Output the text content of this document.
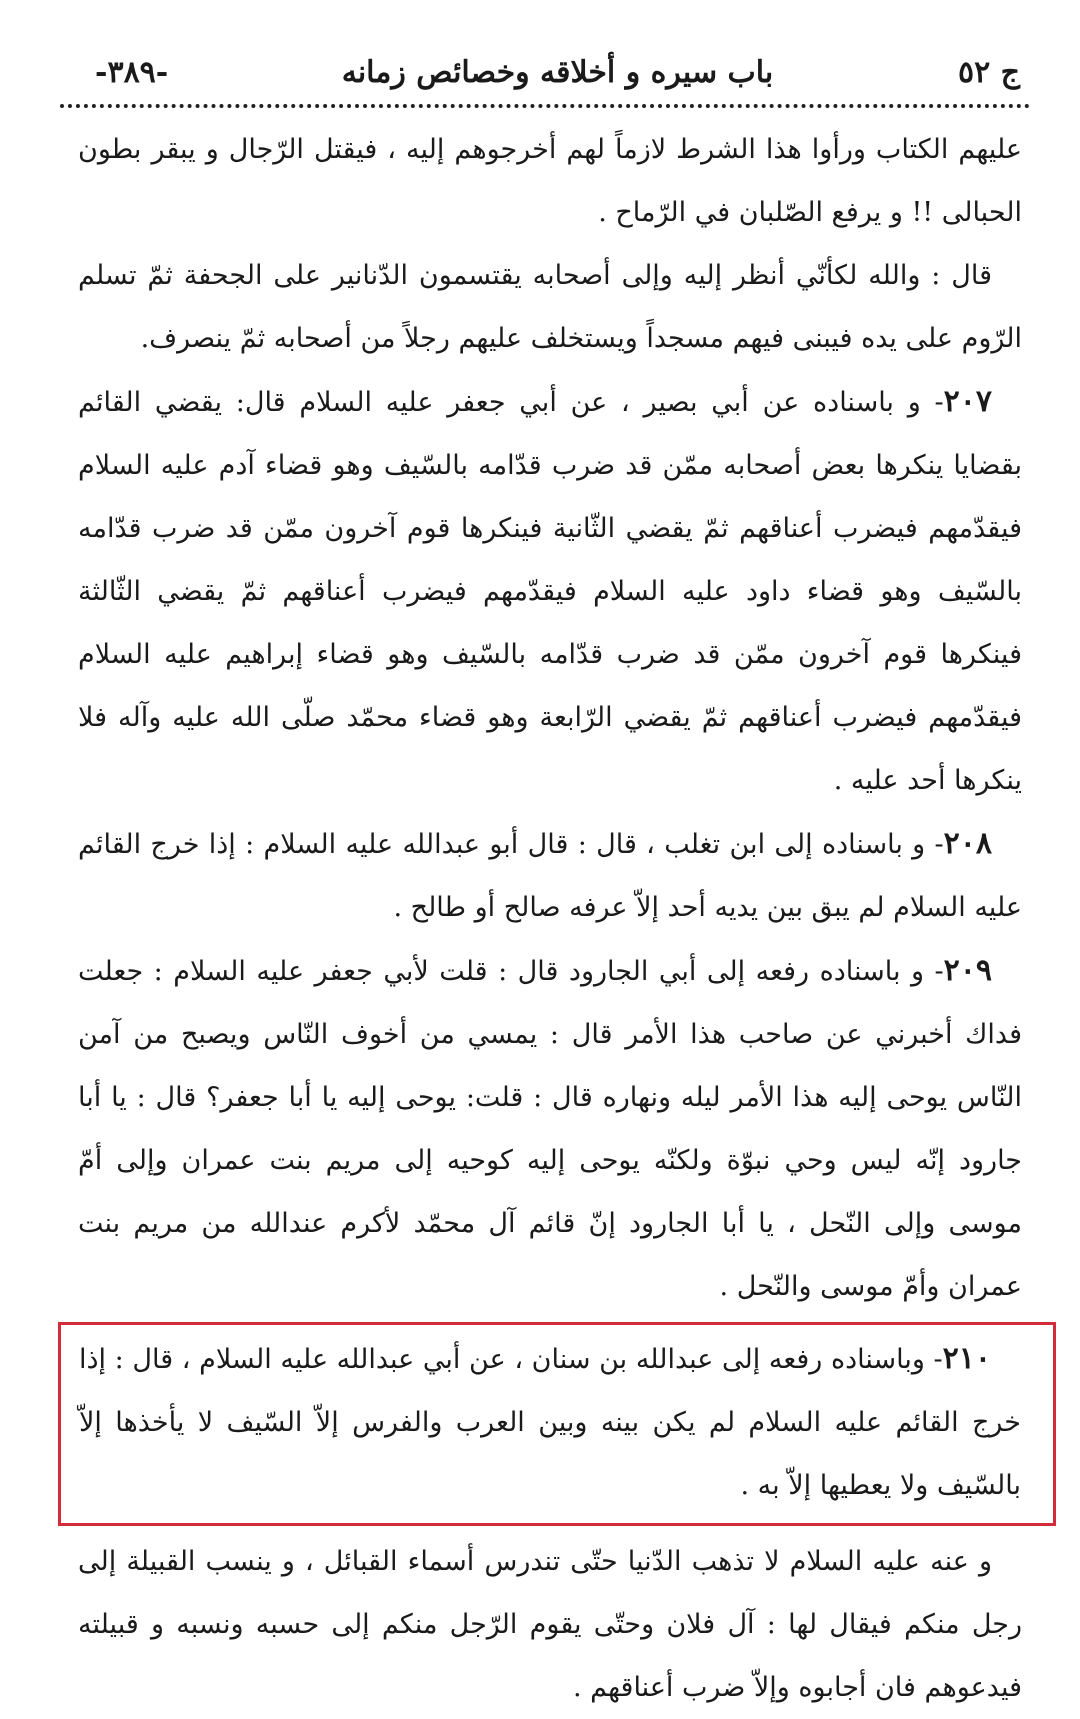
ج ٥٢
باب سيره و أخلاقه وخصائص زمانه
-٣٨٩-

عليهم الكتاب ورأوا هذا الشرط لازماً لهم أخرجوهم إليه ، فيقتل الرّجال و يبقر بطون الحبالى !! و يرفع الصّلبان في الرّماح .

قال : والله لكأنّي أنظر إليه وإلى أصحابه يقتسمون الدّنانير على الجحفة ثمّ تسلم الرّوم على يده فيبنى فيهم مسجداً ويستخلف عليهم رجلاً من أصحابه ثمّ ينصرف.

٢٠٧- و باسناده عن أبي بصير ، عن أبي جعفر عليه السلام قال: يقضي القائم بقضايا ينكرها بعض أصحابه ممّن قد ضرب قدّامه بالسّيف وهو قضاء آدم عليه السلام فيقدّمهم فيضرب أعناقهم ثمّ يقضي الثّانية فينكرها قوم آخرون ممّن قد ضرب قدّامه بالسّيف وهو قضاء داود عليه السلام فيقدّمهم فيضرب أعناقهم ثمّ يقضي الثّالثة فينكرها قوم آخرون ممّن قد ضرب قدّامه بالسّيف وهو قضاء إبراهيم عليه السلام فيقدّمهم فيضرب أعناقهم ثمّ يقضي الرّابعة وهو قضاء محمّد صلّى الله عليه وآله فلا ينكرها أحد عليه .

٢٠٨- و باسناده إلى ابن تغلب ، قال : قال أبو عبدالله عليه السلام : إذا خرج القائم عليه السلام لم يبق بين يديه أحد إلاّ عرفه صالح أو طالح .

٢٠٩- و باسناده رفعه إلى أبي الجارود قال : قلت لأبي جعفر عليه السلام : جعلت فداك أخبرني عن صاحب هذا الأمر قال : يمسي من أخوف النّاس ويصبح من آمن النّاس يوحى إليه هذا الأمر ليله ونهاره قال : قلت: يوحى إليه يا أبا جعفر؟ قال : يا أبا جارود إنّه ليس وحي نبوّة ولكنّه يوحى إليه كوحيه إلى مريم بنت عمران وإلى أمّ موسى وإلى النّحل ، يا أبا الجارود إنّ قائم آل محمّد لأكرم عندالله من مريم بنت عمران وأمّ موسى والنّحل .

٢١٠- وباسناده رفعه إلى عبدالله بن سنان ، عن أبي عبدالله عليه السلام ، قال : إذا خرج القائم عليه السلام لم يكن بينه وبين العرب والفرس إلاّ السّيف لا يأخذها إلاّ بالسّيف ولا يعطيها إلاّ به .

و عنه عليه السلام لا تذهب الدّنيا حتّى تندرس أسماء القبائل ، و ينسب القبيلة إلى رجل منكم فيقال لها : آل فلان وحتّى يقوم الرّجل منكم إلى حسبه ونسبه و قبيلته فيدعوهم فان أجابوه وإلاّ ضرب أعناقهم .
